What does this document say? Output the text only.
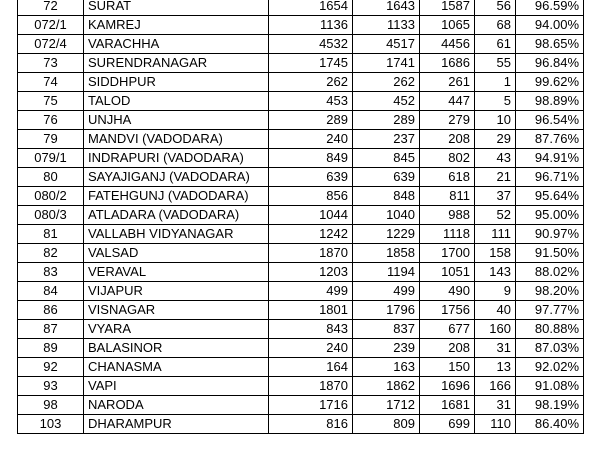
72	SURAT	1654	1643	1587	56	96.59%
072/1	KAMREJ	1136	1133	1065	68	94.00%
072/4	VARACHHA	4532	4517	4456	61	98.65%
73	SURENDRANAGAR	1745	1741	1686	55	96.84%
74	SIDDHPUR	262	262	261	1	99.62%
75	TALOD	453	452	447	5	98.89%
76	UNJHA	289	289	279	10	96.54%
79	MANDVI (VADODARA)	240	237	208	29	87.76%
079/1	INDRAPURI (VADODARA)	849	845	802	43	94.91%
80	SAYAJIGANJ (VADODARA)	639	639	618	21	96.71%
080/2	FATEHGUNJ (VADODARA)	856	848	811	37	95.64%
080/3	ATLADARA (VADODARA)	1044	1040	988	52	95.00%
81	VALLABH VIDYANAGAR	1242	1229	1118	111	90.97%
82	VALSAD	1870	1858	1700	158	91.50%
83	VERAVAL	1203	1194	1051	143	88.02%
84	VIJAPUR	499	499	490	9	98.20%
86	VISNAGAR	1801	1796	1756	40	97.77%
87	VYARA	843	837	677	160	80.88%
89	BALASINOR	240	239	208	31	87.03%
92	CHANASMA	164	163	150	13	92.02%
93	VAPI	1870	1862	1696	166	91.08%
98	NARODA	1716	1712	1681	31	98.19%
103	DHARAMPUR	816	809	699	110	86.40%
